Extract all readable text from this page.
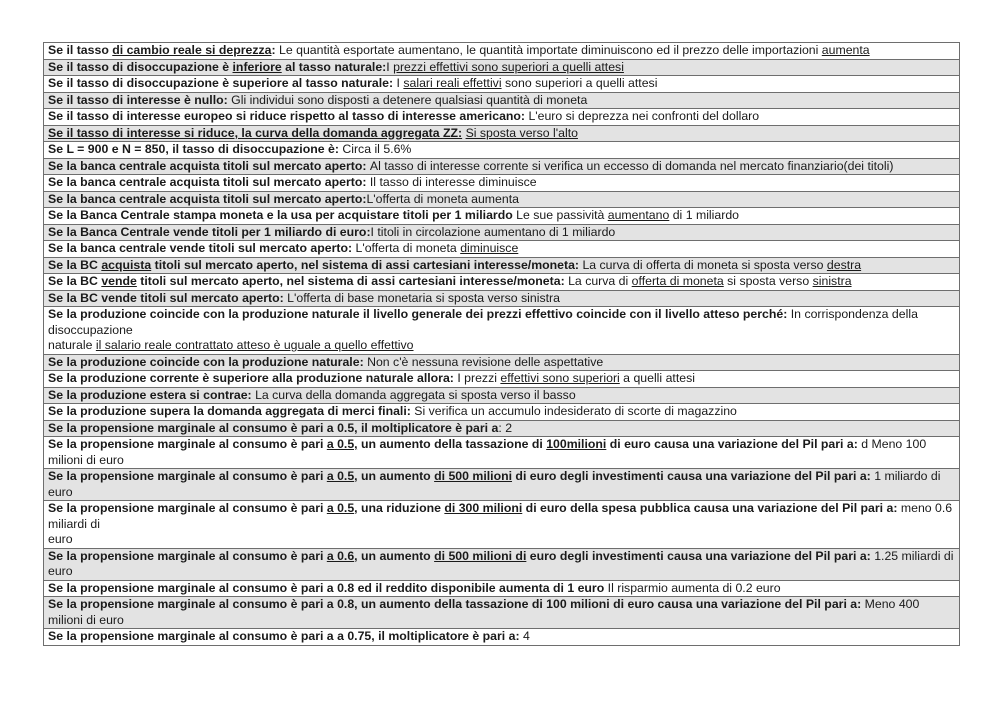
Se il tasso di cambio reale si deprezza: Le quantità esportate aumentano, le quantità importate diminuiscono ed il prezzo delle importazioni aumenta
Se il tasso di disoccupazione è inferiore al tasso naturale:I prezzi effettivi sono superiori a quelli attesi
Se il tasso di disoccupazione è superiore al tasso naturale: I salari reali effettivi sono superiori a quelli attesi
Se il tasso di interesse è nullo: Gli individui sono disposti a detenere qualsiasi quantità di moneta
Se il tasso di interesse europeo si riduce rispetto al tasso di interesse americano: L'euro si deprezza nei confronti del dollaro
Se il tasso di interesse si riduce, la curva della domanda aggregata ZZ: Si sposta verso l'alto
Se L = 900 e N = 850, il tasso di disoccupazione è: Circa il 5.6%
Se la banca centrale acquista titoli sul mercato aperto: Al tasso di interesse corrente si verifica un eccesso di domanda nel mercato finanziario(dei titoli)
Se la banca centrale acquista titoli sul mercato aperto: Il tasso di interesse diminuisce
Se la banca centrale acquista titoli sul mercato aperto:L'offerta di moneta aumenta
Se la Banca Centrale stampa moneta e la usa per acquistare titoli per 1 miliardo Le sue passività aumentano di 1 miliardo
Se la Banca Centrale vende titoli per 1 miliardo di euro:I titoli in circolazione aumentano di 1 miliardo
Se la banca centrale vende titoli sul mercato aperto: L'offerta di moneta diminuisce
Se la BC acquista titoli sul mercato aperto, nel sistema di assi cartesiani interesse/moneta: La curva di offerta di moneta si sposta verso destra
Se la BC vende titoli sul mercato aperto, nel sistema di assi cartesiani interesse/moneta: La curva di offerta di moneta si sposta verso sinistra
Se la BC vende titoli sul mercato aperto: L'offerta di base monetaria si sposta verso sinistra
Se la produzione coincide con la produzione naturale il livello generale dei prezzi effettivo coincide con il livello atteso perché: In corrispondenza della disoccupazione
naturale il salario reale contrattato atteso è uguale a quello effettivo
Se la produzione coincide con la produzione naturale: Non c'è nessuna revisione delle aspettative
Se la produzione corrente è superiore alla produzione naturale allora: I prezzi effettivi sono superiori a quelli attesi
Se la produzione estera si contrae: La curva della domanda aggregata si sposta verso il basso
Se la produzione supera la domanda aggregata di merci finali: Si verifica un accumulo indesiderato di scorte di magazzino
Se la propensione marginale al consumo è pari a 0.5, il moltiplicatore è pari a: 2
Se la propensione marginale al consumo è pari a 0.5, un aumento della tassazione di 100milioni di euro causa una variazione del Pil pari a: d Meno 100 milioni di euro
Se la propensione marginale al consumo è pari a 0.5, un aumento di 500 milioni di euro degli investimenti causa una variazione del Pil pari a: 1 miliardo di euro
Se la propensione marginale al consumo è pari a 0.5, una riduzione di 300 milioni di euro della spesa pubblica causa una variazione del Pil pari a: meno 0.6 miliardi di
euro
Se la propensione marginale al consumo è pari a 0.6, un aumento di 500 milioni di euro degli investimenti causa una variazione del Pil pari a: 1.25 miliardi di euro
Se la propensione marginale al consumo è pari a 0.8 ed il reddito disponibile aumenta di 1 euro Il risparmio aumenta di 0.2 euro
Se la propensione marginale al consumo è pari a 0.8, un aumento della tassazione di 100 milioni di euro causa una variazione del Pil pari a: Meno 400 milioni di euro
Se la propensione marginale al consumo è pari a a 0.75, il moltiplicatore è pari a: 4
